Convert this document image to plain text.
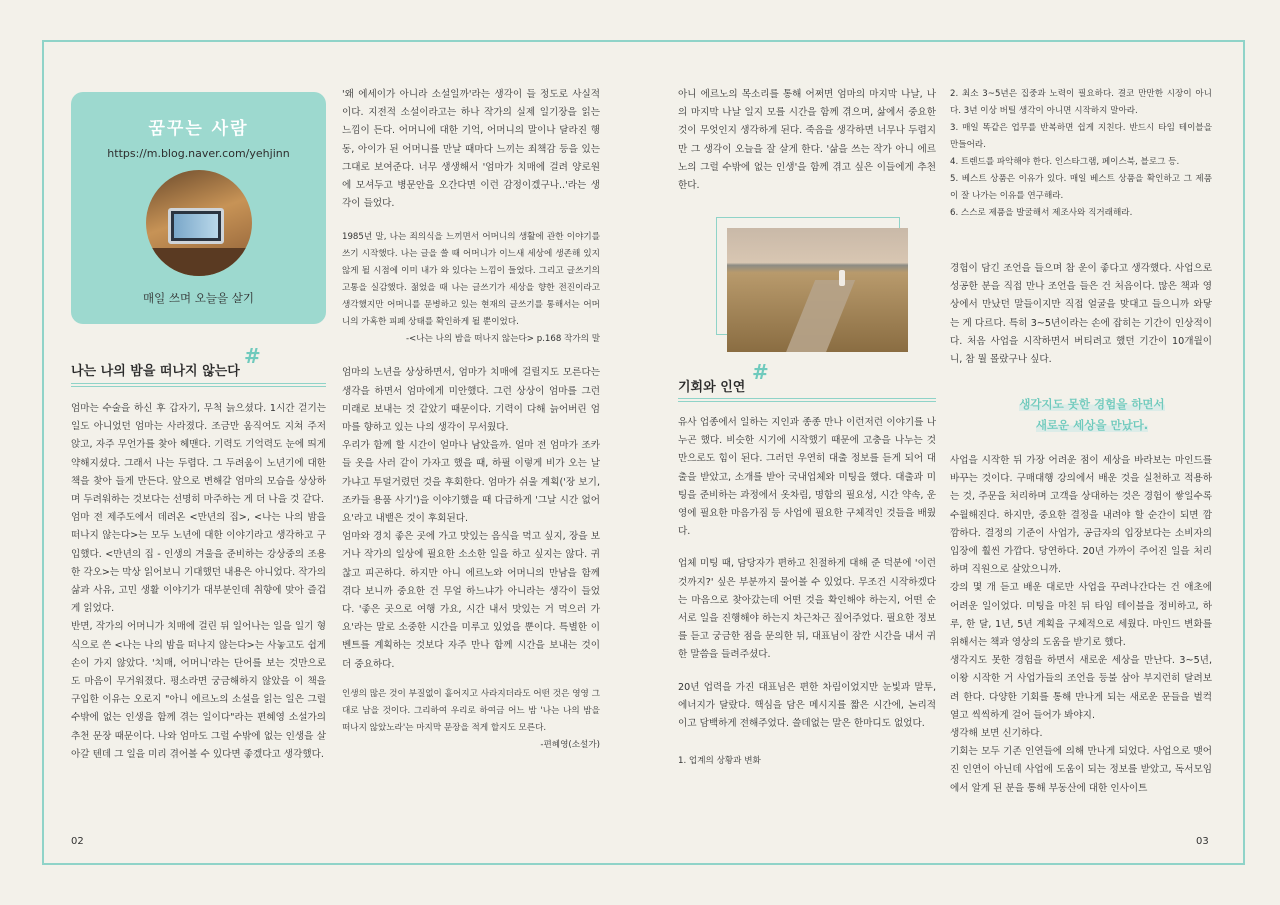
꿈꾸는 사람
https://m.blog.naver.com/yehjinn
매일 쓰며 오늘을 살기
나는 나의 밤을 떠나지 않는다
#

엄마는 수술을 하신 후 갑자기, 무척 늙으셨다. 1시간 걷기는 일도 아니었던 엄마는 사라졌다. 조금만 움직여도 지쳐 주저앉고, 자주 무언가를 찾아 헤맨다. 기력도 기억력도 눈에 띄게 약해지셨다. 그래서 나는 두렵다. 그 두려움이 노년기에 대한 책을 찾아 들게 만든다. 앞으로 변해갈 엄마의 모습을 상상하며 두려워하는 것보다는 선명히 마주하는 게 더 나을 것 같다.

엄마 전 제주도에서 데려온 <만년의 집>, <나는 나의 밤을 떠나지 않는다>는 모두 노년에 대한 이야기라고 생각하고 구입했다. <만년의 집 - 인생의 겨울을 준비하는 강상중의 조용한 각오>는 막상 읽어보니 기대했던 내용은 아니었다. 작가의 삶과 사유, 고민 생활 이야기가 대부분인데 취향에 맞아 즐겁게 읽었다.

반면, 작가의 어머니가 치매에 걸린 뒤 일어나는 일을 일기 형식으로 쓴 <나는 나의 밤을 떠나지 않는다>는 사놓고도 쉽게 손이 가지 않았다. '치매, 어머니'라는 단어를 보는 것만으로도 마음이 무거워졌다. 평소라면 궁금해하지 않았을 이 책을 구입한 이유는 오로지 "아니 에르노의 소설을 읽는 일은 그럴 수밖에 없는 인생을 함께 겪는 일이다"라는 편혜영 소설가의 추천 문장 때문이다. 나와 엄마도 그럴 수밖에 없는 인생을 살아갈 텐데 그 일을 미리 겪어볼 수 있다면 좋겠다고 생각했다.

'왜 에세이가 아니라 소설일까'라는 생각이 들 정도로 사실적이다. 지전적 소설이라고는 하나 작가의 실제 일기장을 읽는 느낌이 든다. 어머니에 대한 기억, 어머니의 말이나 달라진 행동, 아이가 된 어머니를 만날 때마다 느끼는 죄책감 등을 있는 그대로 보여준다. 너무 생생해서 '엄마가 치매에 걸려 양로원에 모셔두고 병문안을 오간다면 이런 감정이겠구나..'라는 생각이 들었다.

1985년 말, 나는 죄의식을 느끼면서 어머니의 생활에 관한 이야기를 쓰기 시작했다. 나는 글을 쓸 때 어머니가 이느새 세상에 생존해 있지 않게 될 시점에 이미 내가 와 있다는 느낌이 들었다. 그리고 글쓰기의 고통을 실감했다. 젊었을 때 나는 글쓰기가 세상을 향한 전진이라고 생각했지만 어머니를 문병하고 있는 현재의 글쓰기를 통해서는 어머니의 가혹한 피폐 상태를 확인하게 될 뿐이었다.

-<나는 나의 밤을 떠나지 않는다> p.168 작가의 말

엄마의 노년을 상상하면서, 엄마가 치매에 걸릴지도 모른다는 생각을 하면서 엄마에게 미안했다. 그런 상상이 엄마를 그런 미래로 보내는 것 같았기 때문이다. 기력이 다해 늙어버린 엄마를 향하고 있는 나의 생각이 무서웠다.

우리가 함께 할 시간이 얼마나 남았을까. 얼마 전 엄마가 조카들 옷을 사러 같이 가자고 했을 때, 하필 이렇게 비가 오는 날 가냐고 투덜거렸던 것을 후회한다. 엄마가 쉬울 계획('장 보기, 조카들 용품 사기')을 이야기했을 때 다급하게 '그날 시간 없어요'라고 내뱉은 것이 후회된다.

엄마와 경치 좋은 곳에 가고 맛있는 음식을 먹고 싶지, 장을 보거나 작가의 일상에 필요한 소소한 일을 하고 싶지는 않다. 귀찮고 피곤하다. 하지만 아니 에르노와 어머니의 만남을 함께 겪다 보니까 중요한 건 무얼 하느냐가 아니라는 생각이 들었다. '좋은 곳으로 여행 가요, 시간 내서 맛있는 거 먹으러 가요'라는 말로 소중한 시간을 미루고 있었을 뿐이다. 특별한 이벤트를 계획하는 것보다 자주 만나 함께 시간을 보내는 것이 더 중요하다.

인생의 많은 것이 부질없이 흩어지고 사라지더라도 어떤 것은 영영 그대로 남을 것이다. 그리하여 우리로 하여금 어느 밤 '나는 나의 밤을 떠나지 않았노라'는 마지막 문장을 적게 할지도 모른다.

-편혜영(소설가)

02

아니 에르노의 목소리를 통해 어쩌면 엄마의 마지막 나날, 나의 마지막 나날 일지 모를 시간을 함께 겪으며, 삶에서 중요한 것이 무엇인지 생각하게 된다. 죽음을 생각하면 너무나 두렵지만 그 생각이 오늘을 잘 살게 한다. '삶을 쓰는 작가 아니 에르노의 그럴 수밖에 없는 인생'을 함께 겪고 싶은 이들에게 추천한다.

기회와 인연
#

유사 업종에서 일하는 지인과 종종 만나 이런저런 이야기를 나누곤 했다. 비슷한 시기에 시작했기 때문에 고충을 나누는 것만으로도 힘이 된다. 그러던 우연히 대출 정보를 듣게 되어 대출을 받았고, 소개를 받아 국내업체와 미팅을 했다. 대출과 미팅을 준비하는 과정에서 옷차림, 명함의 필요성, 시간 약속, 운영에 필요한 마음가짐 등 사업에 필요한 구체적인 것들을 배웠다.

업체 미팅 때, 담당자가 편하고 친절하게 대해 준 덕분에 '이런 것까지?' 싶은 부분까지 물어볼 수 있었다. 무조건 시작하겠다는 마음으로 찾아갔는데 어떤 것을 확인해야 하는지, 어떤 순서로 일을 진행해야 하는지 차근차근 짚어주었다. 필요한 정보를 듣고 궁금한 점을 문의한 뒤, 대표님이 잠깐 시간을 내서 귀한 말씀을 들려주셨다.

20년 업력을 가진 대표님은 편한 차림이었지만 눈빛과 말투, 에너지가 달랐다. 핵심을 담은 메시지를 짧은 시간에, 논리적이고 담백하게 전해주었다. 쓸데없는 말은 한마디도 없었다.

1. 업계의 상황과 변화

2. 최소 3~5년은 집중과 노력이 필요하다. 결코 만만한 시장이 아니다. 3년 이상 버틸 생각이 아니면 시작하지 말아라.

3. 매일 똑같은 업무를 반복하면 쉽게 지친다. 반드시 타임 테이블을 만들어라.

4. 트렌드를 파악해야 한다. 인스타그램, 페이스북, 블로그 등.

5. 베스트 상품은 이유가 있다. 매일 베스트 상품을 확인하고 그 제품이 잘 나가는 이유를 연구해라.

6. 스스로 제품을 발굴해서 제조사와 직거래해라.

경험이 담긴 조언을 들으며 참 운이 좋다고 생각했다. 사업으로 성공한 분을 직접 만나 조언을 들은 건 처음이다. 많은 책과 영상에서 만났던 말들이지만 직접 얼굴을 맞대고 들으니까 와닿는 게 다르다. 특히 3~5년이라는 손에 잡히는 기간이 인상적이다. 처음 사업을 시작하면서 버티려고 했던 기간이 10개월이니, 참 뭘 몰랐구나 싶다.

생각지도 못한 경험을 하면서
새로운 세상을 만났다.

사업을 시작한 뒤 가장 어려운 점이 세상을 바라보는 마인드를 바꾸는 것이다. 구매대행 강의에서 배운 것을 실천하고 적용하는 것, 주문을 처리하며 고객을 상대하는 것은 경험이 쌓일수록 수월해진다. 하지만, 중요한 결정을 내려야 할 순간이 되면 깜깜하다. 결정의 기준이 사업가, 공급자의 입장보다는 소비자의 입장에 훨씬 가깝다. 당연하다. 20년 가까이 주어진 일을 처리하며 직원으로 살았으니까.

강의 몇 개 듣고 배운 대로만 사업을 꾸려나간다는 건 애초에 어려운 일이었다. 미팅을 마친 뒤 타임 테이블을 정비하고, 하루, 한 달, 1년, 5년 계획을 구체적으로 세웠다. 마인드 변화를 위해서는 책과 영상의 도움을 받기로 했다.

생각지도 못한 경험을 하면서 새로운 세상을 만난다. 3~5년, 이왕 시작한 거 사업가들의 조언을 등불 삼아 부지런히 달려보려 한다. 다양한 기회를 통해 만나게 되는 새로운 문들을 벌컥 열고 씩씩하게 걸어 들어가 봐야지.

생각해 보면 신기하다.

기회는 모두 기존 인연들에 의해 만나게 되었다. 사업으로 맺어진 인연이 아닌데 사업에 도움이 되는 정보를 받았고, 독서모임에서 알게 된 분을 통해 부동산에 대한 인사이트

03
